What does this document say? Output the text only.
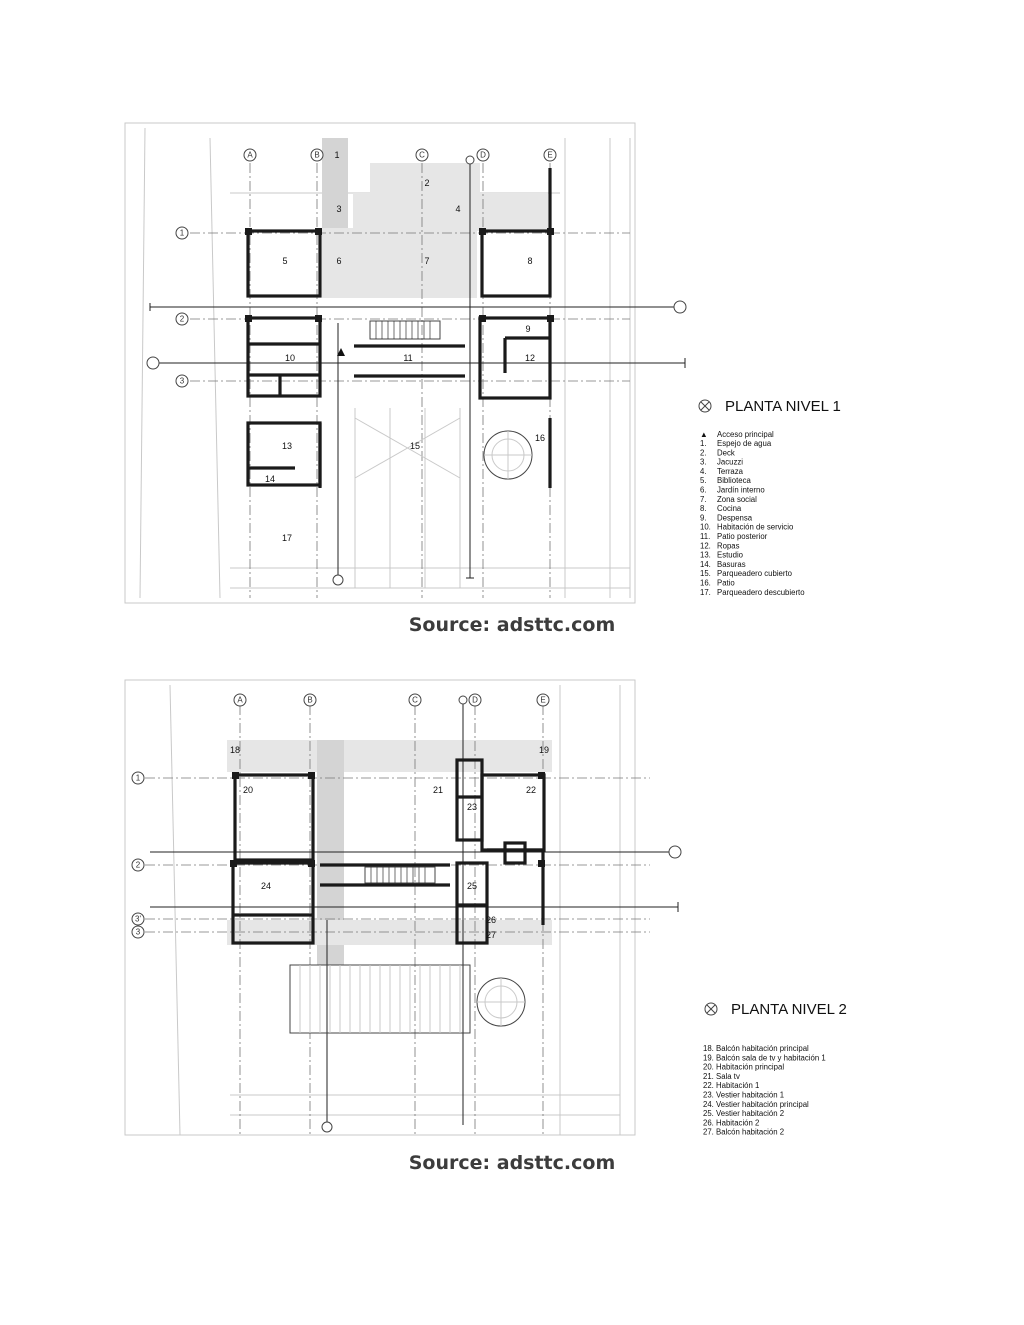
A	B	C	D	E
1
2
3
1
2
3	4
5	6	7	8
9
10	11	12
13
14
15
16
17
PLANTA NIVEL 1
▲ Acceso principal
1. Espejo de agua
2. Deck
3. Jacuzzi
4. Terraza
5. Biblioteca
6. Jardín interno
7. Zona social
8. Cocina
9. Despensa
10. Habitación de servicio
11. Patio posterior
12. Ropas
13. Estudio
14. Basuras
15. Parqueadero cubierto
16. Patio
17. Parqueadero descubierto
Source: adsttc.com
A	B	C	D	E
1
2
3'
3
18	19
20	21	22
23
24	25
26
27
PLANTA NIVEL 2
18. Balcón habitación principal
19. Balcón sala de tv y habitación 1
20. Habitación principal
21. Sala tv
22. Habitación 1
23. Vestier habitación 1
24. Vestier habitación principal
25. Vestier habitación 2
26. Habitación 2
27. Balcón habitación 2
Source: adsttc.com
